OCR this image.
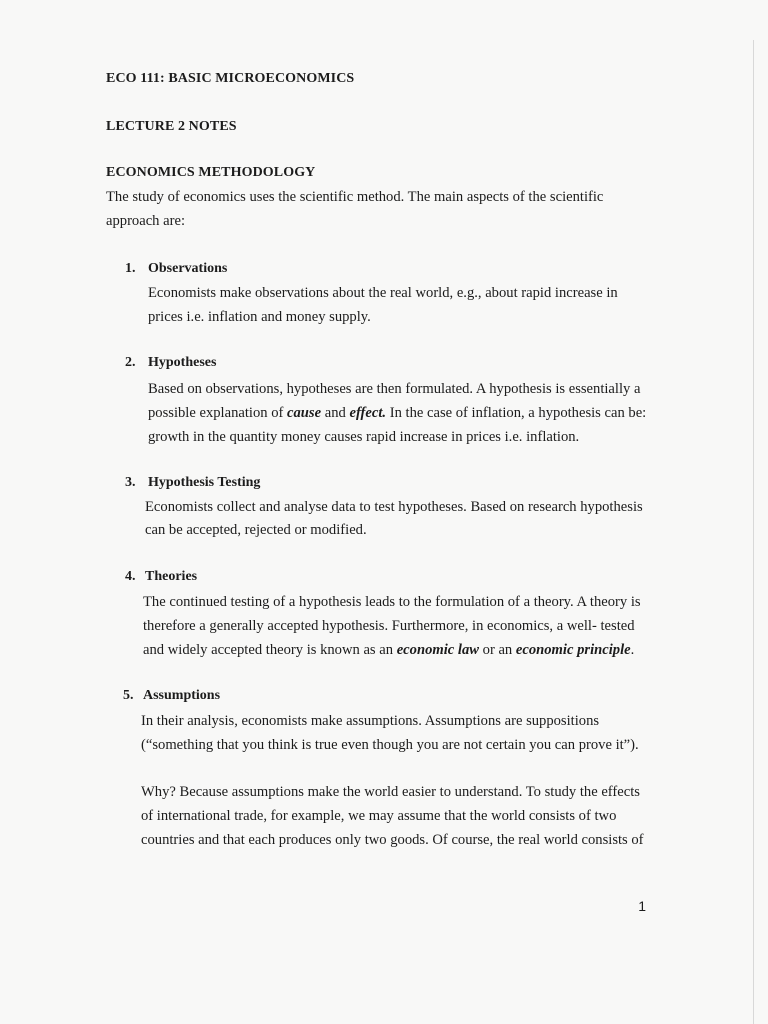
ECO 111: BASIC MICROECONOMICS
LECTURE 2 NOTES
ECONOMICS METHODOLOGY
The study of economics uses the scientific method. The main aspects of the scientific
approach are:
1. Observations
Economists make observations about the real world, e.g., about rapid increase in
prices i.e. inflation and money supply.
2. Hypotheses
Based on observations, hypotheses are then formulated. A hypothesis is essentially a
possible explanation of cause and effect. In the case of inflation, a hypothesis can be:
growth in the quantity money causes rapid increase in prices i.e. inflation.
3. Hypothesis Testing
Economists collect and analyse data to test hypotheses. Based on research hypothesis
can be accepted, rejected or modified.
4. Theories
The continued testing of a hypothesis leads to the formulation of a theory. A theory is
therefore a generally accepted hypothesis. Furthermore, in economics, a well- tested
and widely accepted theory is known as an economic law or an economic principle.
5. Assumptions
In their analysis, economists make assumptions. Assumptions are suppositions
(“something that you think is true even though you are not certain you can prove it”).
Why? Because assumptions make the world easier to understand. To study the effects
of international trade, for example, we may assume that the world consists of two
countries and that each produces only two goods. Of course, the real world consists of
1
